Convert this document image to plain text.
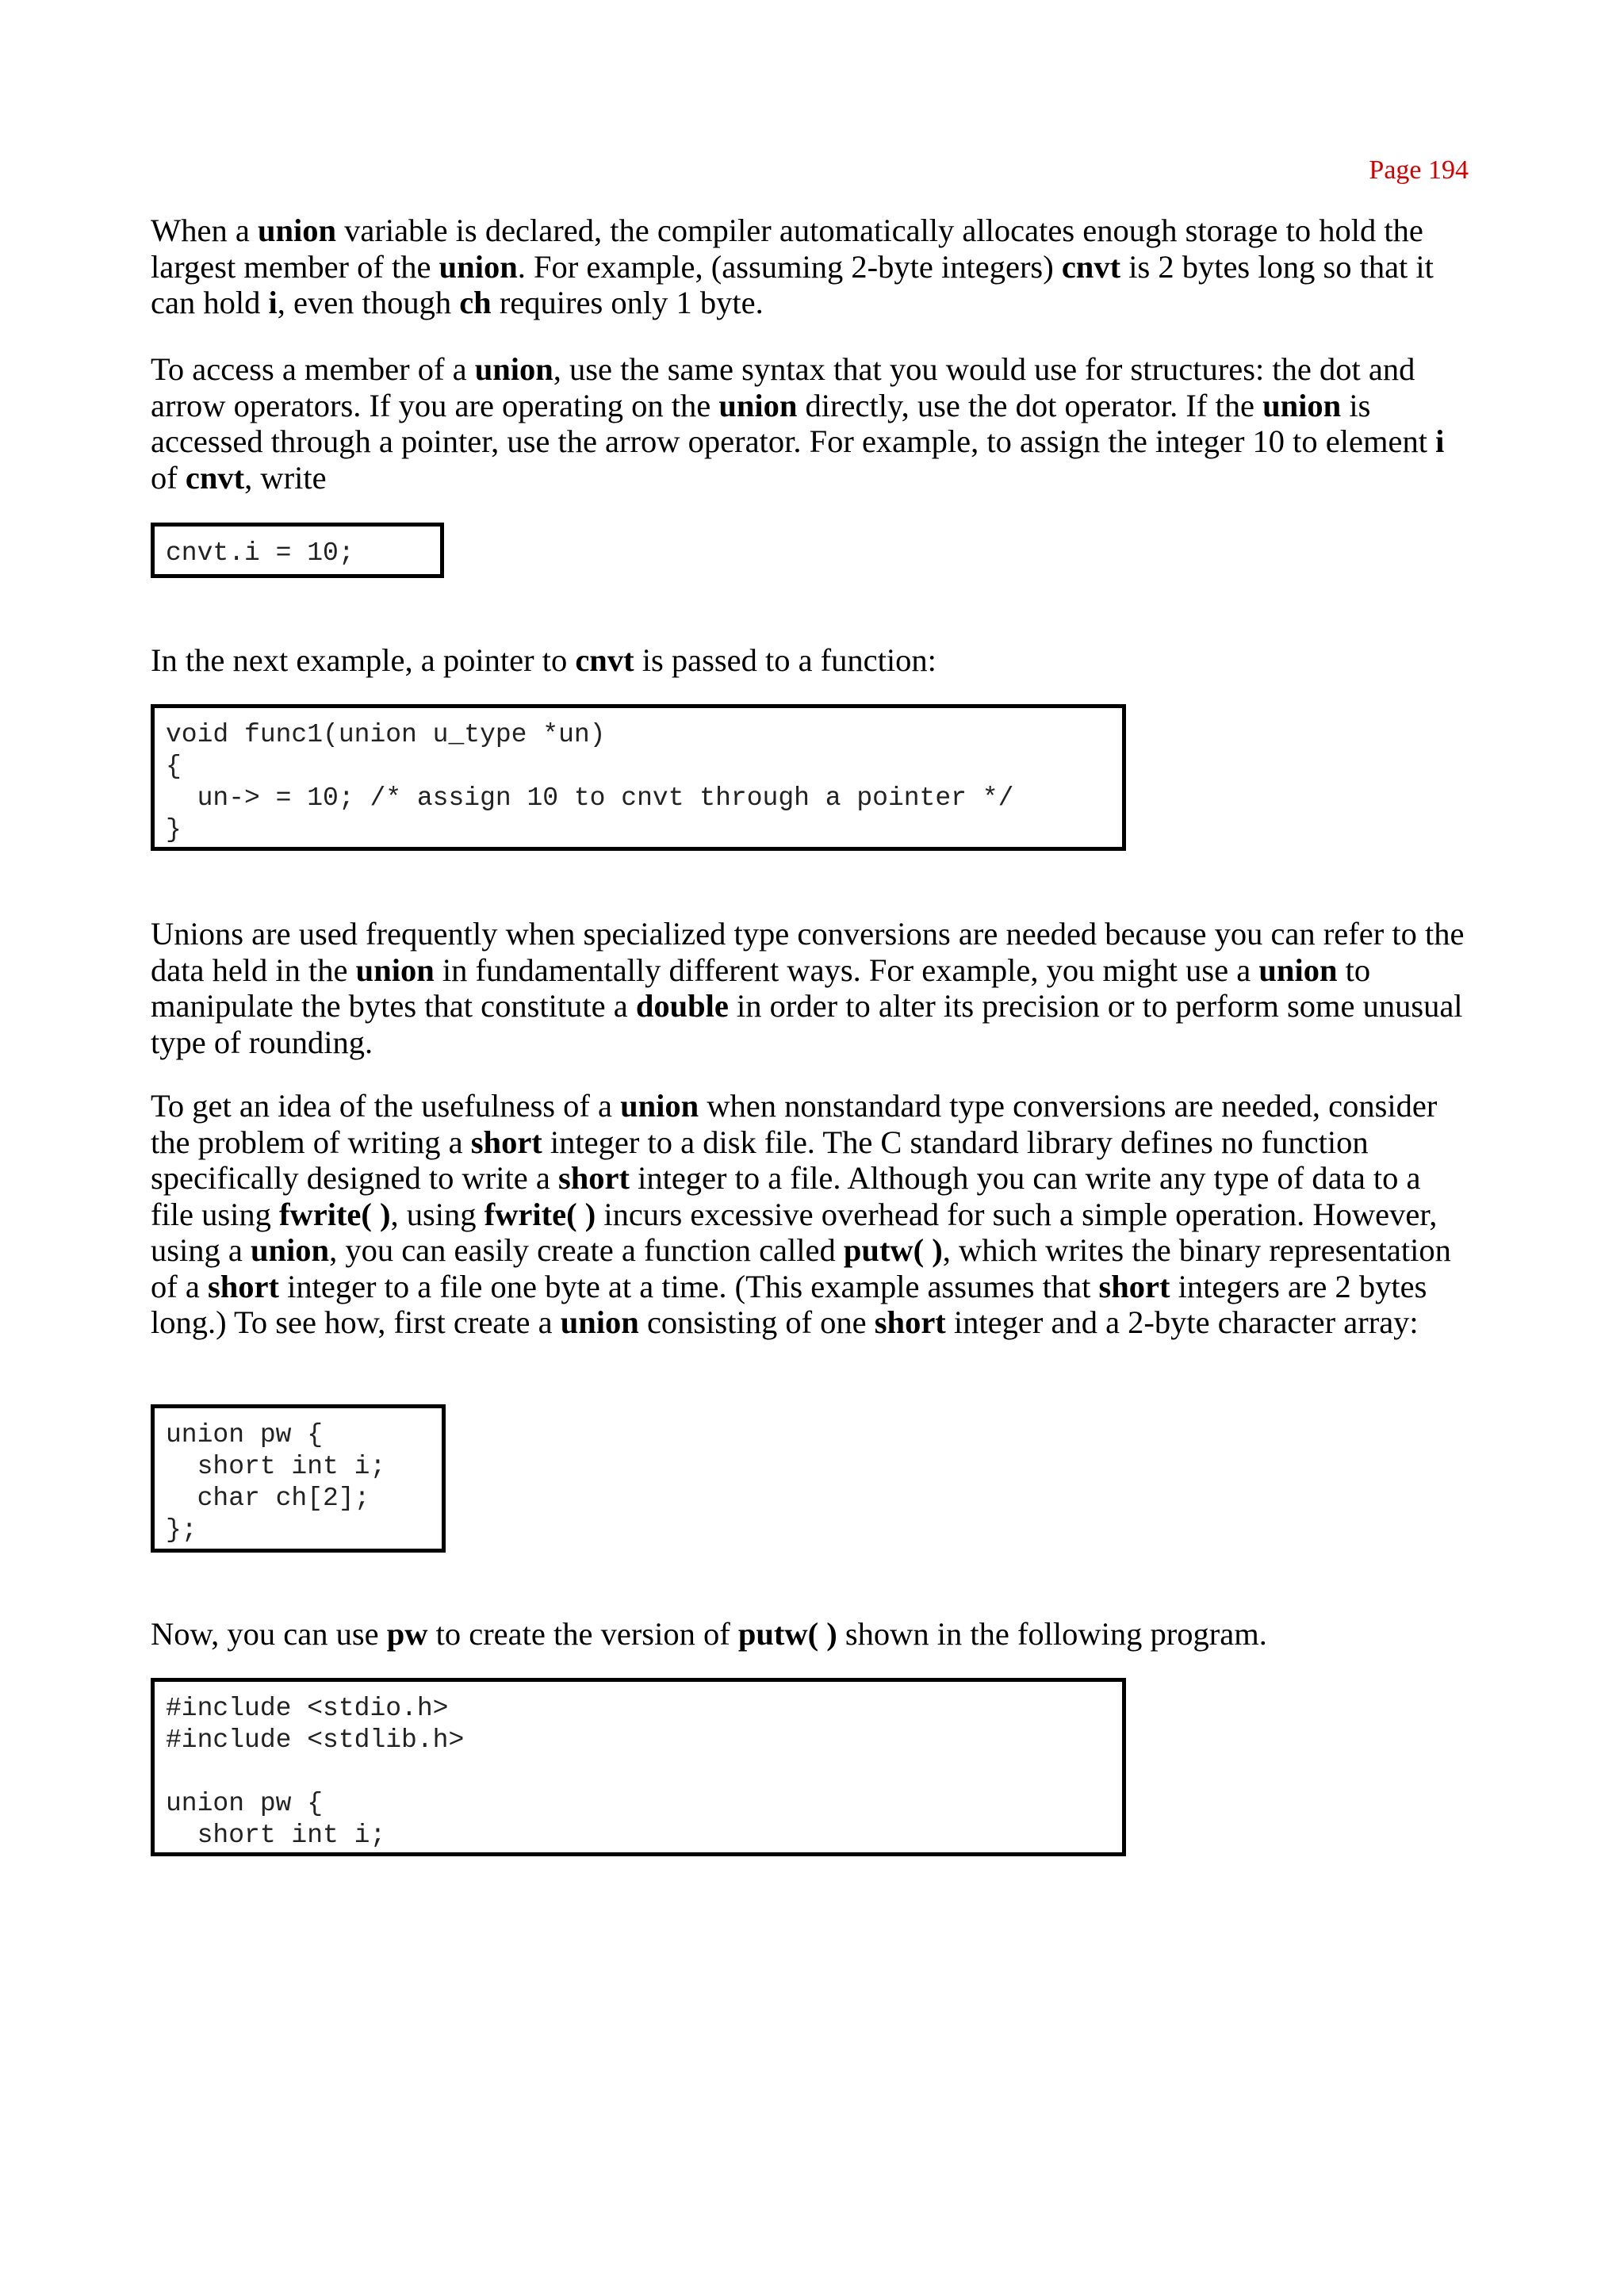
Page 194

When a union variable is declared, the compiler automatically allocates enough storage to hold the largest member of the union. For example, (assuming 2-byte integers) cnvt is 2 bytes long so that it can hold i, even though ch requires only 1 byte.

To access a member of a union, use the same syntax that you would use for structures: the dot and arrow operators. If you are operating on the union directly, use the dot operator. If the union is accessed through a pointer, use the arrow operator. For example, to assign the integer 10 to element i of cnvt, write

cnvt.i = 10;

In the next example, a pointer to cnvt is passed to a function:

void func1(union u_type *un)
{
un-> = 10; /* assign 10 to cnvt through a pointer */
}

Unions are used frequently when specialized type conversions are needed because you can refer to the data held in the union in fundamentally different ways. For example, you might use a union to manipulate the bytes that constitute a double in order to alter its precision or to perform some unusual type of rounding.

To get an idea of the usefulness of a union when nonstandard type conversions are needed, consider the problem of writing a short integer to a disk file. The C standard library defines no function specifically designed to write a short integer to a file. Although you can write any type of data to a file using fwrite( ), using fwrite( ) incurs excessive overhead for such a simple operation. However, using a union, you can easily create a function called putw( ), which writes the binary representation of a short integer to a file one byte at a time. (This example assumes that short integers are 2 bytes long.) To see how, first create a union consisting of one short integer and a 2-byte character array:

union pw {
short int i;
char ch[2];
};

Now, you can use pw to create the version of putw( ) shown in the following program.

#include <stdio.h>
#include <stdlib.h>

union pw {
short int i;
